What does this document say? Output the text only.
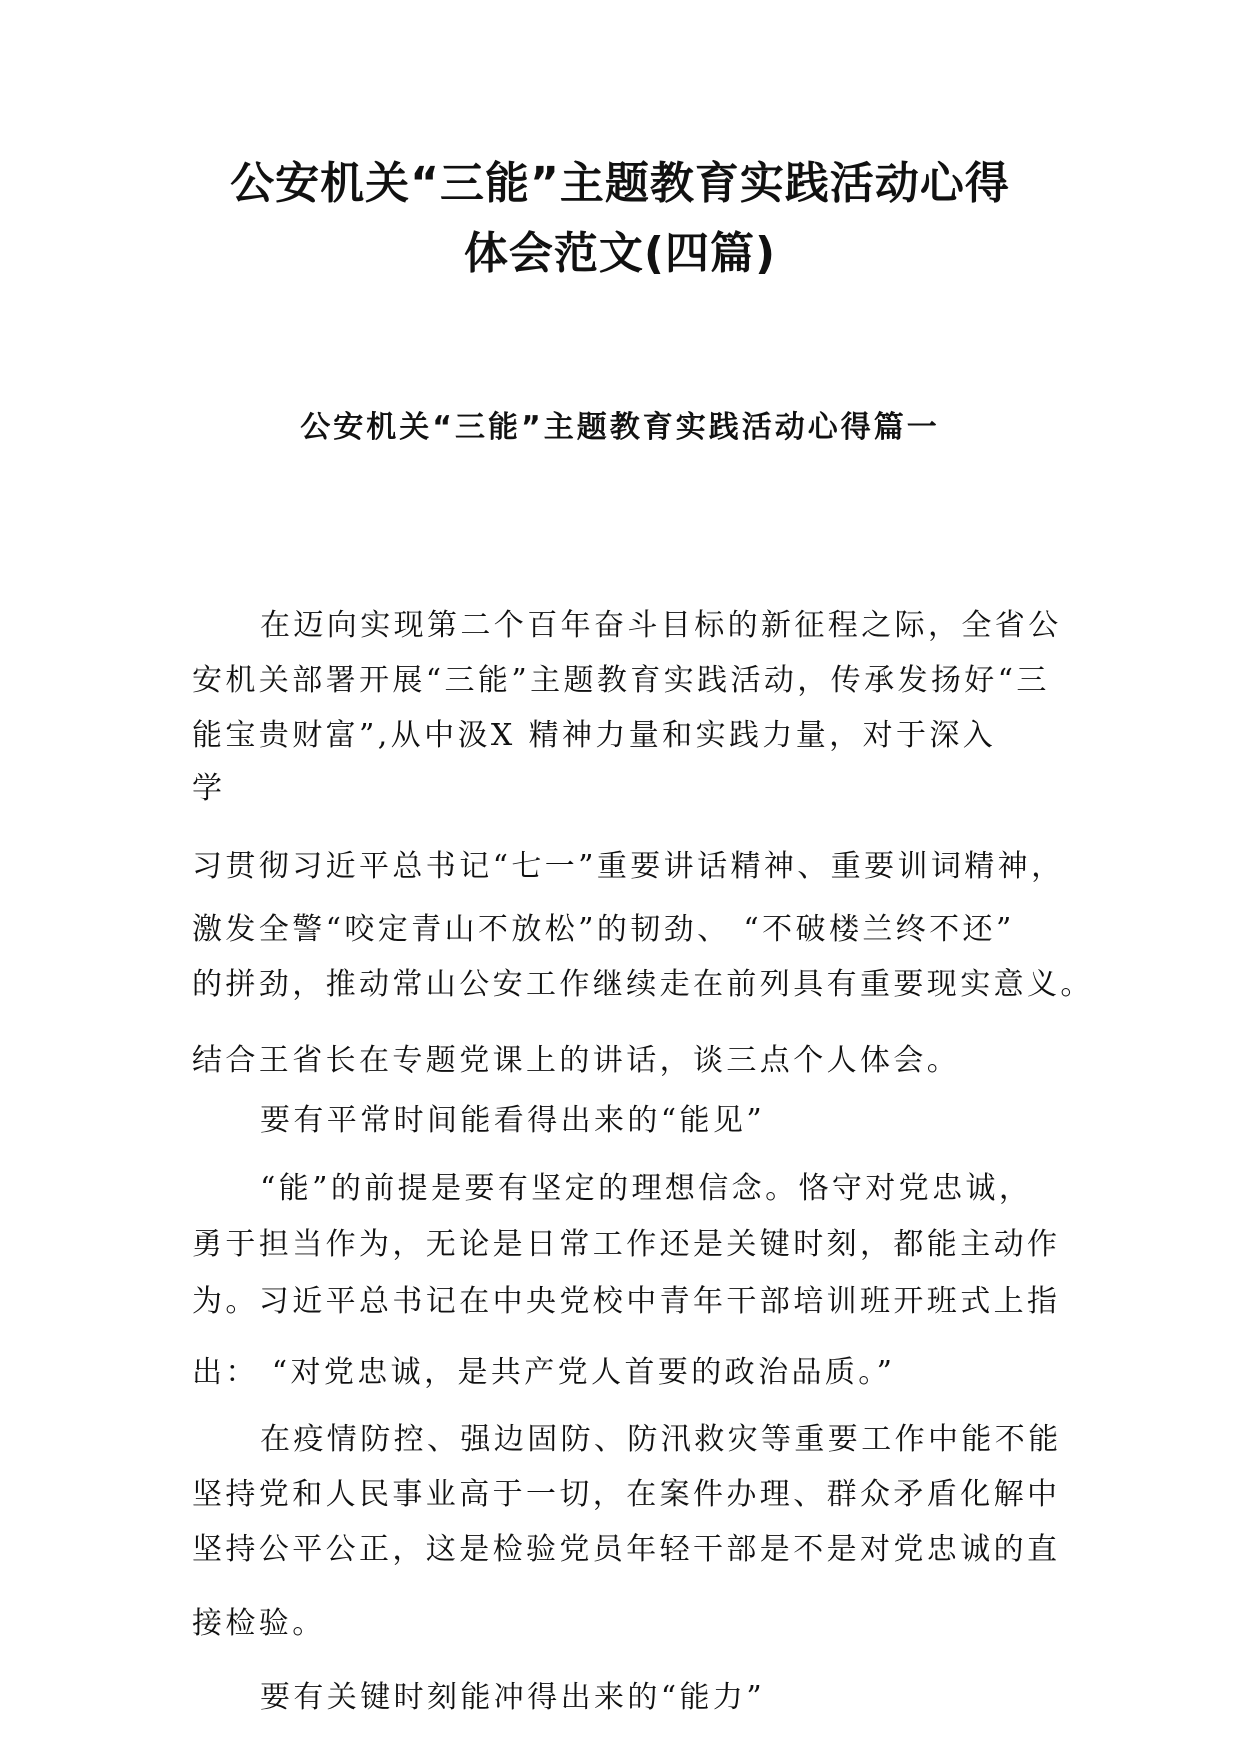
公安机关“三能”主题教育实践活动心得
体会范文(四篇)
公安机关“三能”主题教育实践活动心得篇一
在迈向实现第二个百年奋斗目标的新征程之际，全省公
安机关部署开展“三能”主题教育实践活动，传承发扬好“三
能宝贵财富”,从中汲X 精神力量和实践力量，对于深入
学
习贯彻习近平总书记“七一”重要讲话精神、重要训词精神，
激发全警“咬定青山不放松”的韧劲、 “不破楼兰终不还”
的拼劲，推动常山公安工作继续走在前列具有重要现实意义。
结合王省长在专题党课上的讲话，谈三点个人体会。
要有平常时间能看得出来的“能见”
“能”的前提是要有坚定的理想信念。恪守对党忠诚，
勇于担当作为，无论是日常工作还是关键时刻，都能主动作
为。习近平总书记在中央党校中青年干部培训班开班式上指
出： “对党忠诚，是共产党人首要的政治品质。”
在疫情防控、强边固防、防汛救灾等重要工作中能不能
坚持党和人民事业高于一切，在案件办理、群众矛盾化解中
坚持公平公正，这是检验党员年轻干部是不是对党忠诚的直
接检验。
要有关键时刻能冲得出来的“能力”
